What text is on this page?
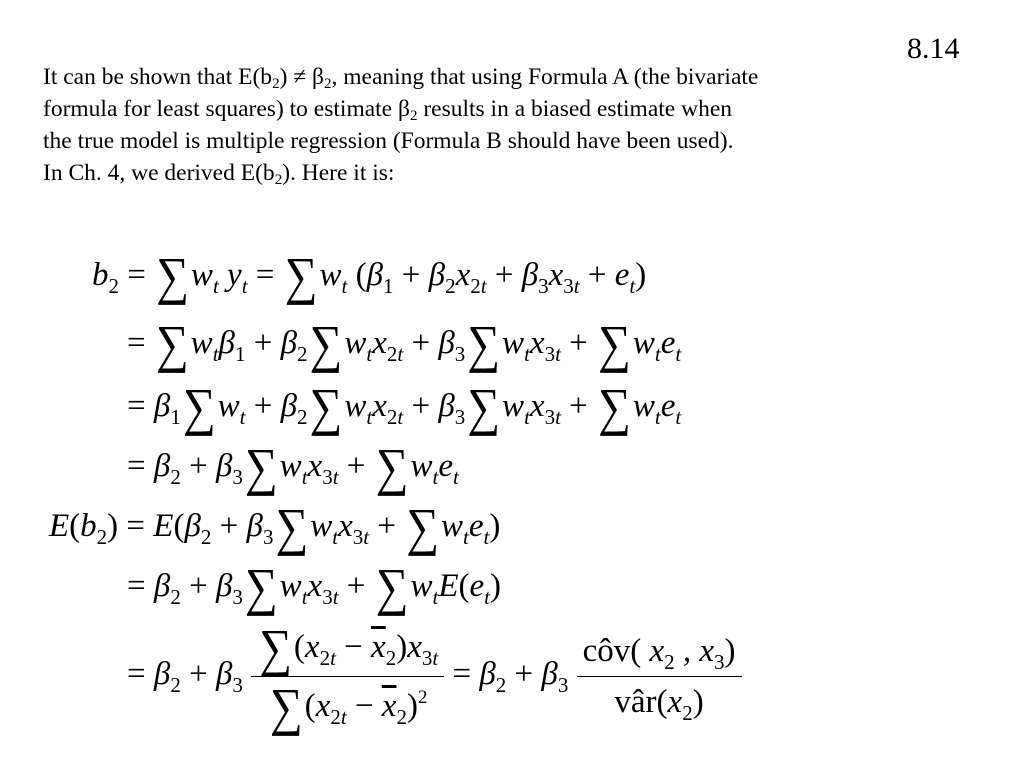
8.14
It can be shown that $E(b_2) \ne \beta_2$, meaning that using Formula A (the bivariate
formula for least squares) to estimate $\beta_2$ results in a biased estimate when
the true model is multiple regression (Formula B should have been used).
In Ch. 4, we derived $E(b_2)$. Here it is:
$b_2 = \sum w_t$ $y_t = \sum w_t$ $(\beta_1 + \beta_2x_{2t} + \beta_3x_{3t} + e_t)$
= $\sum w_t\beta_1 + \beta_2\sum w_tx_{2t} + \beta_3\sum w_tx_{3t} + \sum w_te_t$
= $\beta_1\sum w_t + \beta_2\sum w_tx_{2t} + \beta_3\sum w_tx_{3t} + \sum w_te_t$
= $\beta_2 + \beta_3\sum w_tx_{3t} + \sum w_te_t$
$E(b_2) = E(\beta_2 + \beta_3\sum w_tx_{3t} + \sum w_te_t)$
= $\beta_2 + \beta_3\sum w_tx_{3t} + \sum w_tE(e_t)$
= $\beta_2 + \beta_3 \frac{\sum(x_{2t} - \overline{x}_2)x_{3t}}{\sum(x_{2t} - \overline{x}_2)^2} = \beta_2 + \beta_3 \frac{côv( x_2 , x_3)}{vâr(x_2)}$
